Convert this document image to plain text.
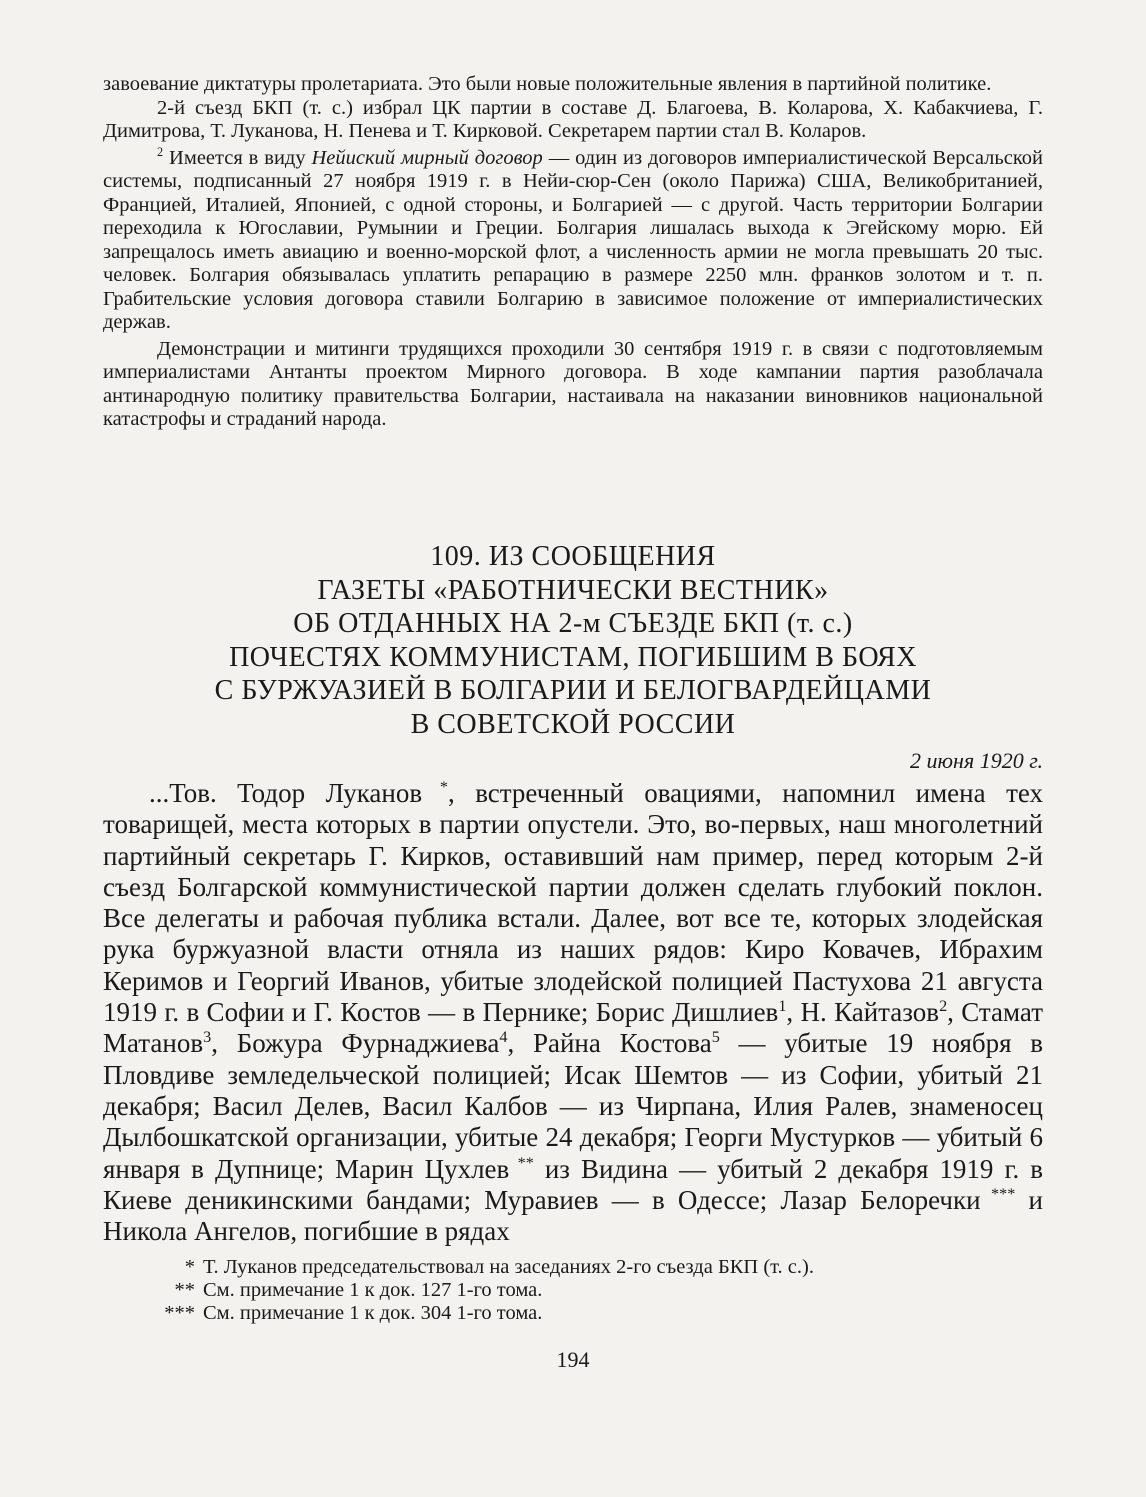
завоевание диктатуры пролетариата. Это были новые положительные явления в партийной политике.

2-й съезд БКП (т. с.) избрал ЦК партии в составе Д. Благоева, В. Коларова, Х. Кабакчиева, Г. Димитрова, Т. Луканова, Н. Пенева и Т. Кирковой. Секретарем партии стал В. Коларов.

$^2$ Имеется в виду Нейиский мирный договор — один из договоров империалистической Версальской системы, подписанный 27 ноября 1919 г. в Нейи-сюр-Сен (около Парижа) США, Великобританией, Францией, Италией, Японией, с одной стороны, и Болгарией — с другой. Часть территории Болгарии переходила к Югославии, Румынии и Греции. Болгария лишалась выхода к Эгейскому морю. Ей запрещалось иметь авиацию и военно-морской флот, а численность армии не могла превышать 20 тыс. человек. Болгария обязывалась уплатить репарацию в размере 2250 млн. франков золотом и т. п. Грабительские условия договора ставили Болгарию в зависимое положение от империалистических держав.

Демонстрации и митинги трудящихся проходили 30 сентября 1919 г. в связи с подготовляемым империалистами Антанты проектом Мирного договора. В ходе кампании партия разоблачала антинародную политику правительства Болгарии, настаивала на наказании виновников национальной катастрофы и страданий народа.

109. ИЗ СООБЩЕНИЯ
ГАЗЕТЫ «РАБОТНИЧЕСКИ ВЕСТНИК»
ОБ ОТДАННЫХ НА 2-м СЪЕЗДЕ БКП (т. с.)
ПОЧЕСТЯХ КОММУНИСТАМ, ПОГИБШИМ В БОЯХ
С БУРЖУАЗИЕЙ В БОЛГАРИИ И БЕЛОГВАРДЕЙЦАМИ
В СОВЕТСКОЙ РОССИИ
2 июня 1920 г.

...Тов. Тодор Луканов *, встреченный овациями, напомнил имена тех товарищей, места которых в партии опустели. Это, во-первых, наш многолетний партийный секретарь Г. Кирков, оставивший нам пример, перед которым 2-й съезд Болгарской коммунистической партии должен сделать глубокий поклон. Все делегаты и рабочая публика встали. Далее, вот все те, которых злодейская рука буржуазной власти отняла из наших рядов: Киро Ковачев, Ибрахим Керимов и Георгий Иванов, убитые злодейской полицией Пастухова 21 августа 1919 г. в Софии и Г. Костов — в Пернике; Борис Дишлиев$^1$, Н. Кайтазов$^2$, Стамат Матанов$^3$, Божура Фурнаджиева$^4$, Райна Костова$^5$ — убитые 19 ноября в Пловдиве земледельческой полицией; Исак Шемтов — из Софии, убитый 21 декабря; Васил Делев, Васил Калбов — из Чирпана, Илия Ралев, знаменосец Дылбошкатской организации, убитые 24 декабря; Георги Мустурков — убитый 6 января в Дупнице; Марин Цухлев ** из Видина — убитый 2 декабря 1919 г. в Киеве деникинскими бандами; Муравиев — в Одессе; Лазар Белоречки *** и Никола Ангелов, погибшие в рядах

* Т. Луканов председательствовал на заседаниях 2-го съезда БКП (т. с.).
** См. примечание 1 к док. 127 1-го тома.
*** См. примечание 1 к док. 304 1-го тома.
194
